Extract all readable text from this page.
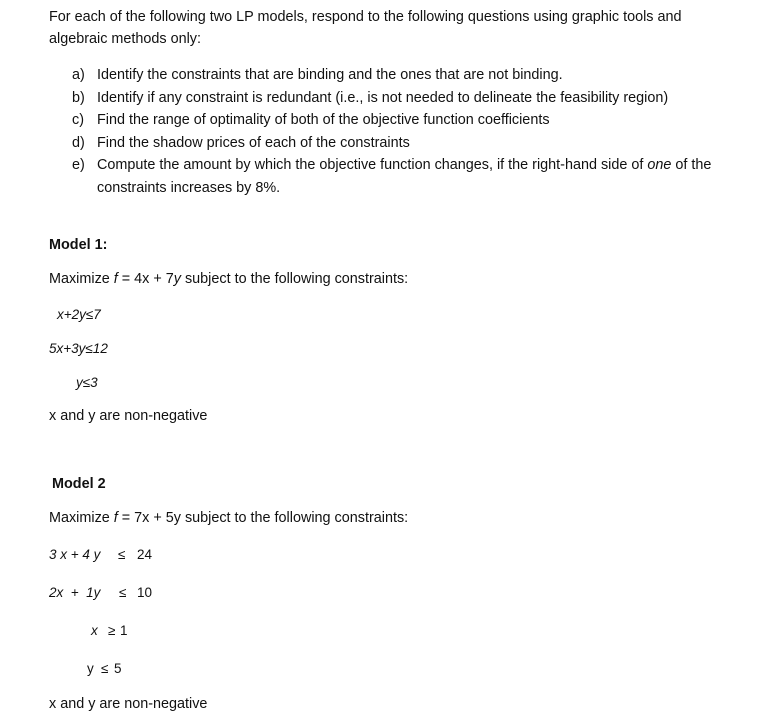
For each of the following two LP models, respond to the following questions using graphic tools and algebraic methods only:
a) Identify the constraints that are binding and the ones that are not binding.
b) Identify if any constraint is redundant (i.e., is not needed to delineate the feasibility region)
c) Find the range of optimality of both of the objective function coefficients
d) Find the shadow prices of each of the constraints
e) Compute the amount by which the objective function changes, if the right-hand side of one of the constraints increases by 8%.
Model 1:
Maximize f = 4x + 7y subject to the following constraints:
x+2y≤7
5x+3y≤12
y≤3
x and y are non-negative
Model 2
Maximize f = 7x + 5y subject to the following constraints:
3 x + 4 y ≤ 24
2x  +  1y ≤ 10
x ≥ 1
y ≤ 5
x and y are non-negative
